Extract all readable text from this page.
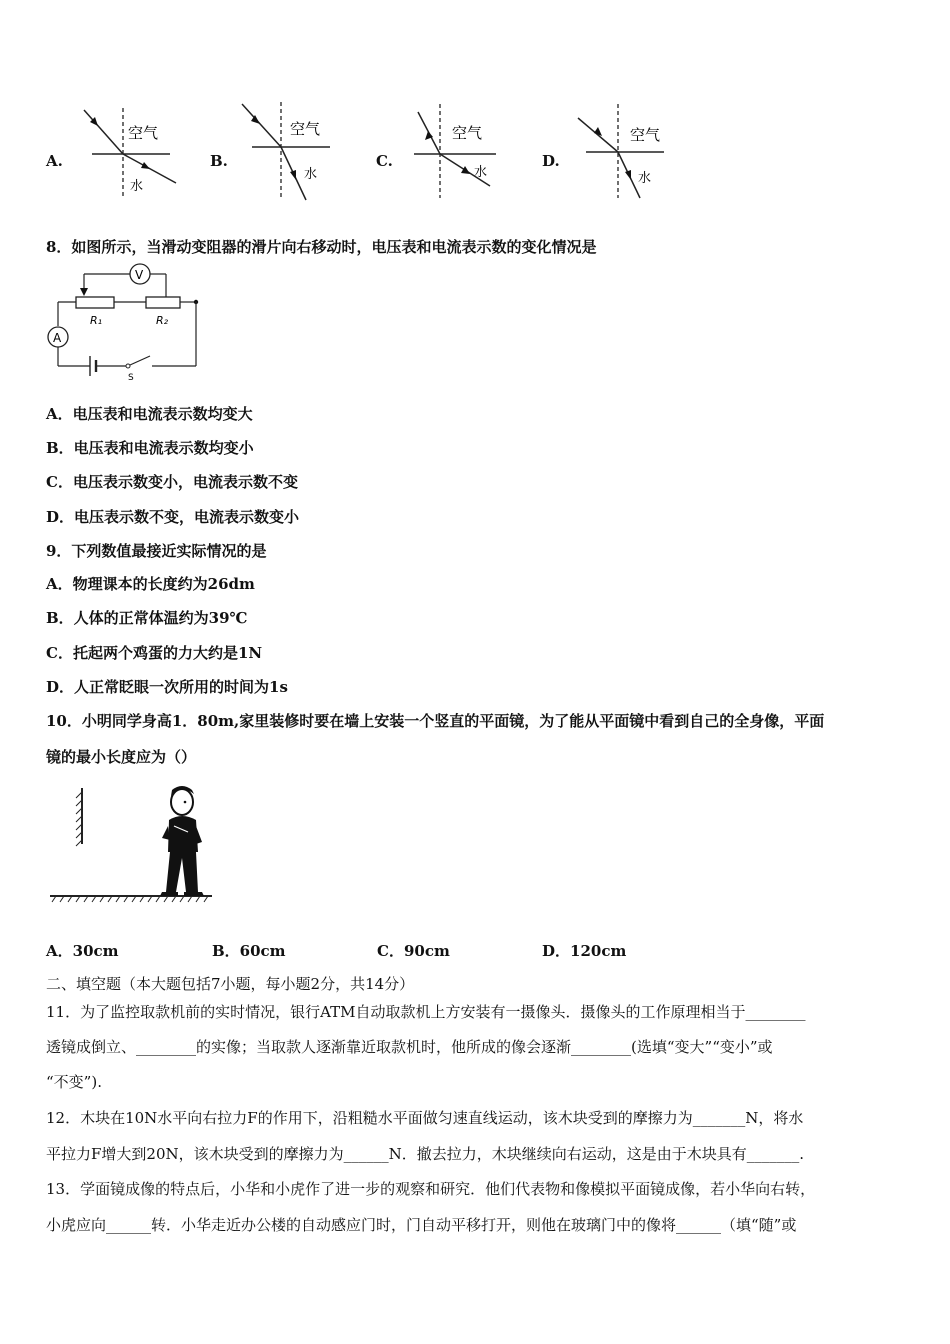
A.
空气
水
B.
空气
水
C.
空气
水
D.
空气
水
8．如图所示，当滑动变阻器的滑片向右移动时，电压表和电流表示数的变化情况是
V
R₁	R₂
A
S
A．电压表和电流表示数均变大
B．电压表和电流表示数均变小
C．电压表示数变小，电流表示数不变
D．电压表示数不变，电流表示数变小
9．下列数值最接近实际情况的是
A．物理课本的长度约为26dm
B．人体的正常体温约为39℃
C．托起两个鸡蛋的力大约是1N
D．人正常眨眼一次所用的时间为1s
10．小明同学身高1．80m,家里装修时要在墙上安装一个竖直的平面镜，为了能从平面镜中看到自己的全身像，平面
镜的最小长度应为（）
A．30cm	B．60cm	C．90cm	D．120cm
二、填空题（本大题包括7小题，每小题2分，共14分）
11．为了监控取款机前的实时情况，银行ATM自动取款机上方安装有一摄像头．摄像头的工作原理相当于________
透镜成倒立、________的实像；当取款人逐渐靠近取款机时，他所成的像会逐渐________(选填“变大”“变小”或
“不变”).
12．木块在10N水平向右拉力F的作用下，沿粗糙水平面做匀速直线运动，该木块受到的摩擦力为_______N，将水
平拉力F增大到20N，该木块受到的摩擦力为______N．撤去拉力，木块继续向右运动，这是由于木块具有_______.
13．学面镜成像的特点后，小华和小虎作了进一步的观察和研究．他们代表物和像模拟平面镜成像，若小华向右转，
小虎应向______转．小华走近办公楼的自动感应门时，门自动平移打开，则他在玻璃门中的像将______（填“随”或
